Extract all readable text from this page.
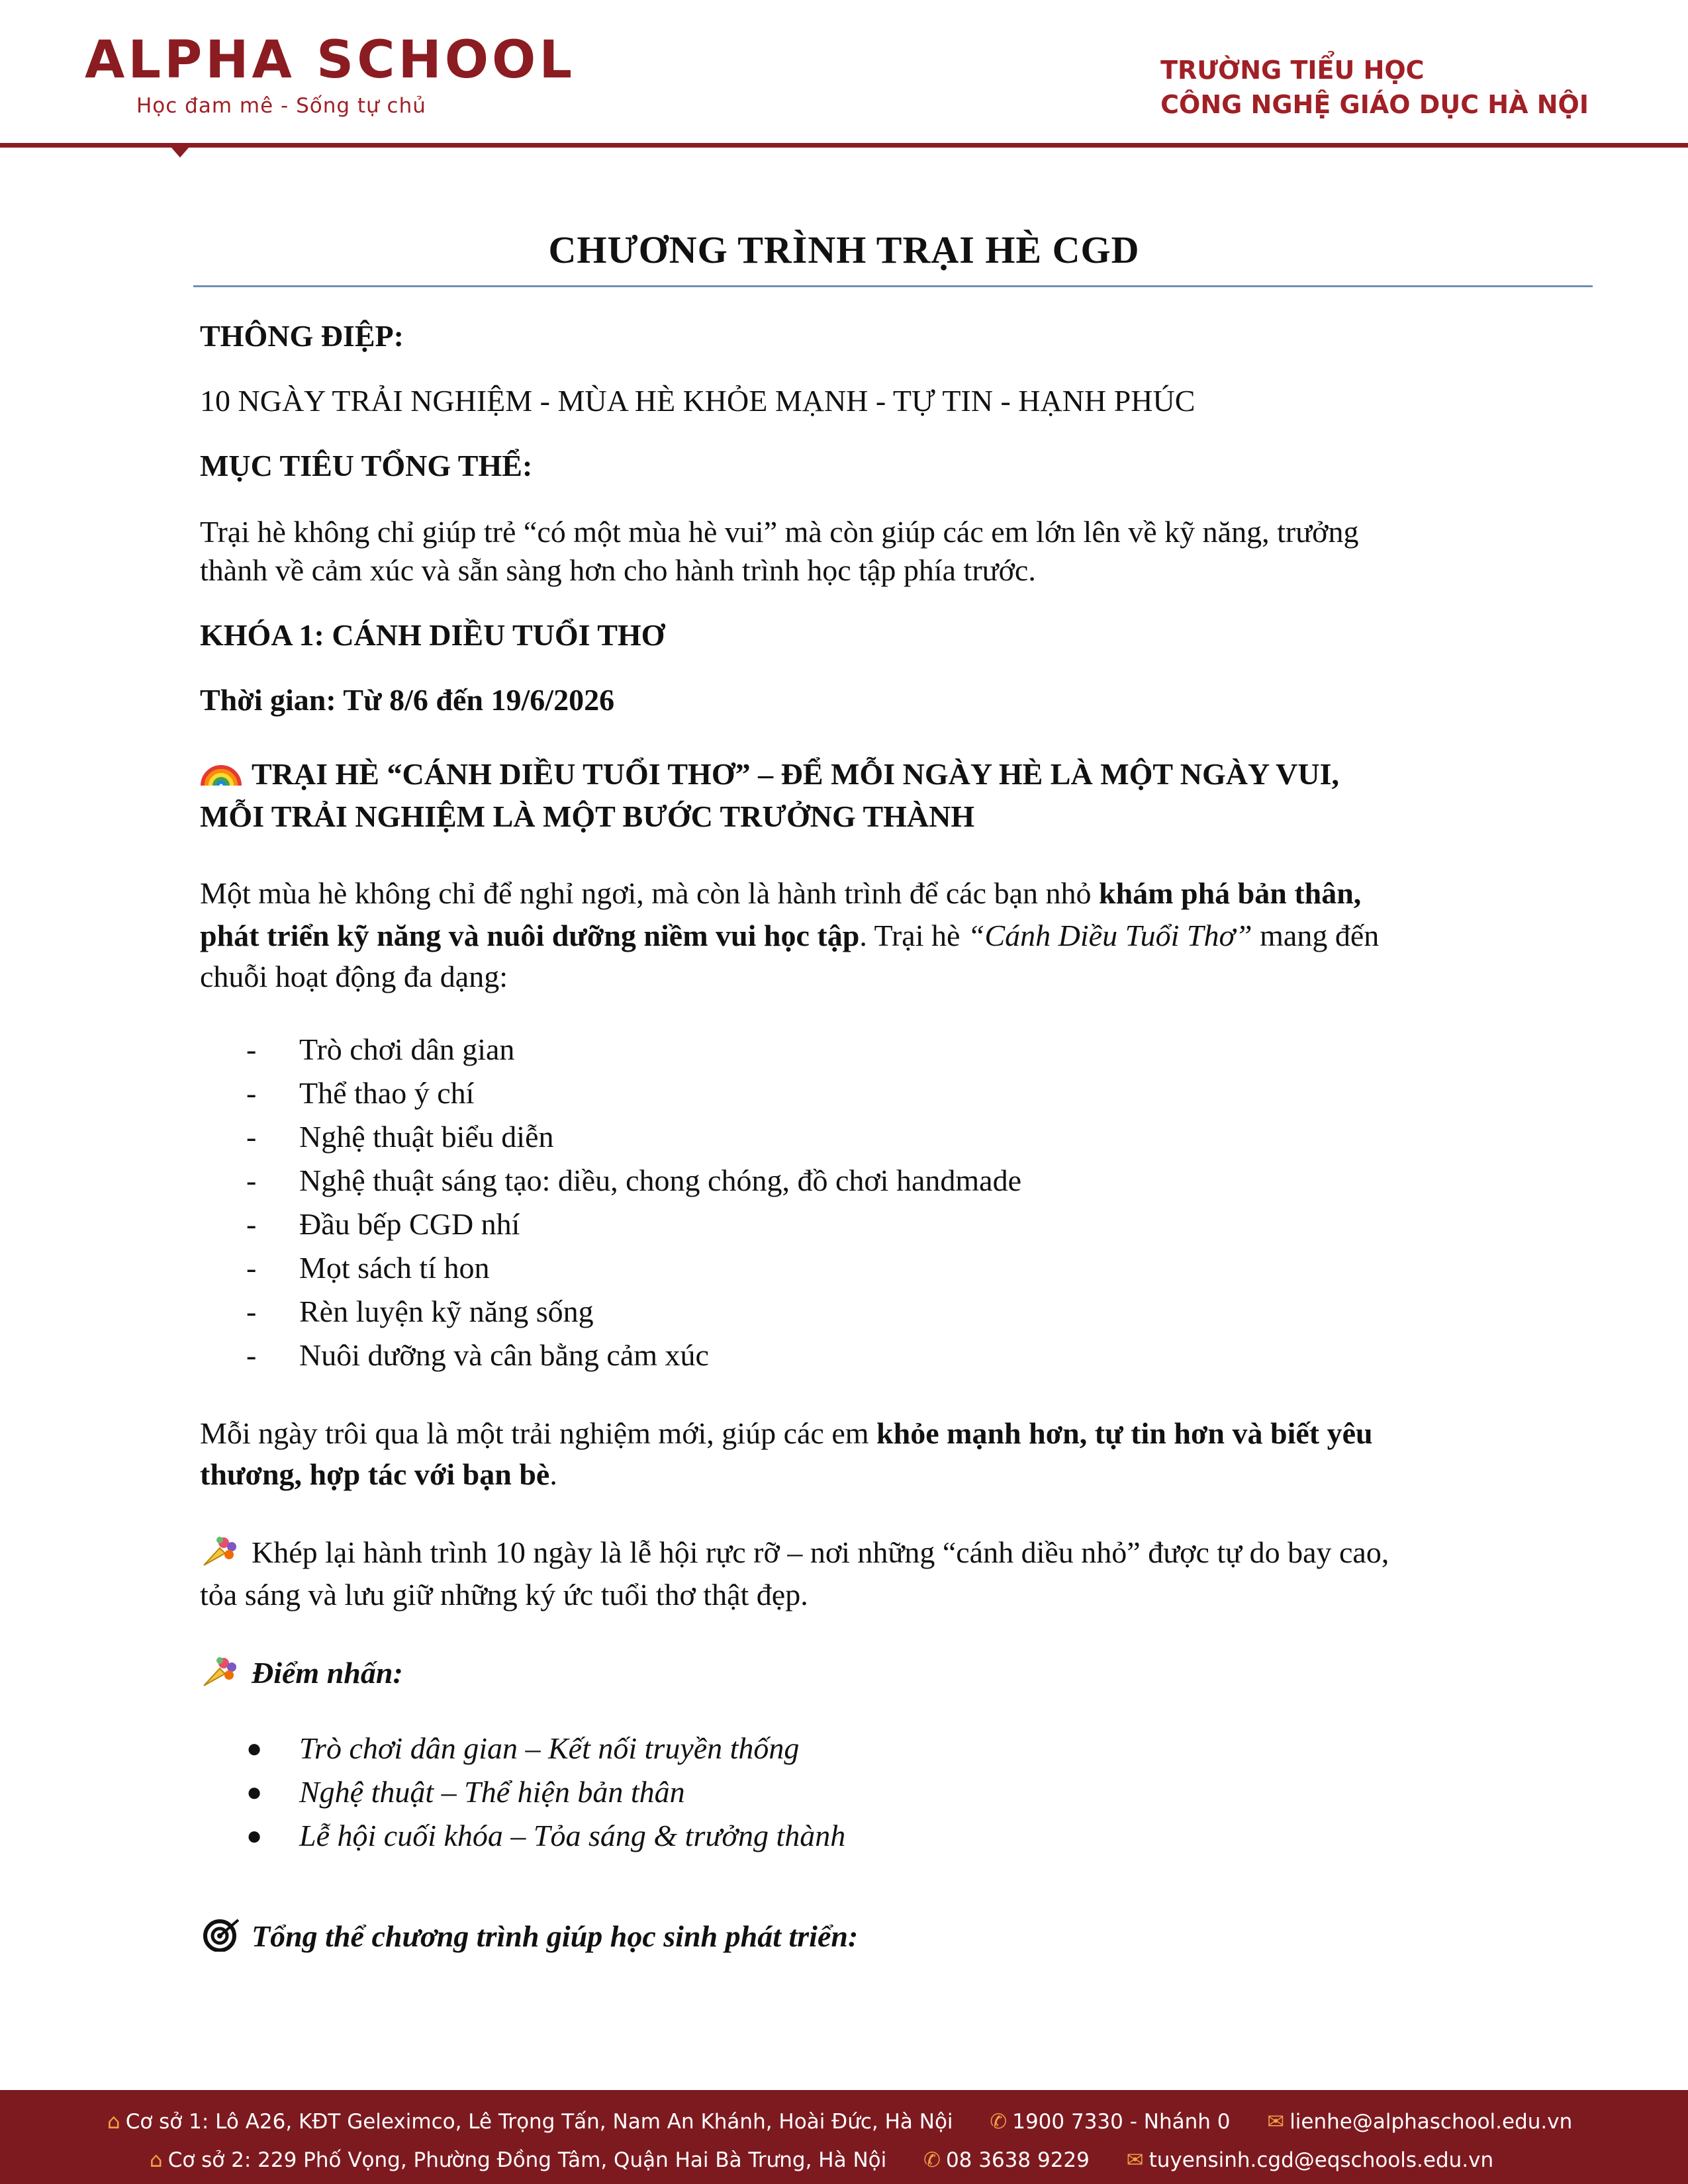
ALPHA SCHOOL
Học đam mê - Sống tự chủ
TRƯỜNG TIỂU HỌC
CÔNG NGHỆ GIÁO DỤC HÀ NỘI
CHƯƠNG TRÌNH TRẠI HÈ CGD
THÔNG ĐIỆP:
10 NGÀY TRẢI NGHIỆM - MÙA HÈ KHỎE MẠNH - TỰ TIN - HẠNH PHÚC
MỤC TIÊU TỔNG THỂ:
Trại hè không chỉ giúp trẻ “có một mùa hè vui” mà còn giúp các em lớn lên về kỹ năng, trưởng
thành về cảm xúc và sẵn sàng hơn cho hành trình học tập phía trước.
KHÓA 1: CÁNH DIỀU TUỔI THƠ
Thời gian: Từ 8/6 đến 19/6/2026
TRẠI HÈ “CÁNH DIỀU TUỔI THƠ” – ĐỂ MỖI NGÀY HÈ LÀ MỘT NGÀY VUI,
MỖI TRẢI NGHIỆM LÀ MỘT BƯỚC TRƯỞNG THÀNH
Một mùa hè không chỉ để nghỉ ngơi, mà còn là hành trình để các bạn nhỏ khám phá bản thân,
phát triển kỹ năng và nuôi dưỡng niềm vui học tập. Trại hè “Cánh Diều Tuổi Thơ” mang đến
chuỗi hoạt động đa dạng:
- Trò chơi dân gian
- Thể thao ý chí
- Nghệ thuật biểu diễn
- Nghệ thuật sáng tạo: diều, chong chóng, đồ chơi handmade
- Đầu bếp CGD nhí
- Mọt sách tí hon
- Rèn luyện kỹ năng sống
- Nuôi dưỡng và cân bằng cảm xúc
Mỗi ngày trôi qua là một trải nghiệm mới, giúp các em khỏe mạnh hơn, tự tin hơn và biết yêu
thương, hợp tác với bạn bè.
Khép lại hành trình 10 ngày là lễ hội rực rỡ – nơi những “cánh diều nhỏ” được tự do bay cao,
tỏa sáng và lưu giữ những ký ức tuổi thơ thật đẹp.
Điểm nhấn:
● Trò chơi dân gian – Kết nối truyền thống
● Nghệ thuật – Thể hiện bản thân
● Lễ hội cuối khóa – Tỏa sáng & trưởng thành
Tổng thể chương trình giúp học sinh phát triển:
⌂ Cơ sở 1: Lô A26, KĐT Geleximco, Lê Trọng Tấn, Nam An Khánh, Hoài Đức, Hà Nội ✆ 1900 7330 - Nhánh 0 ✉ lienhe@alphaschool.edu.vn
⌂ Cơ sở 2: 229 Phố Vọng, Phường Đồng Tâm, Quận Hai Bà Trưng, Hà Nội ✆ 08 3638 9229 ✉ tuyensinh.cgd@eqschools.edu.vn
